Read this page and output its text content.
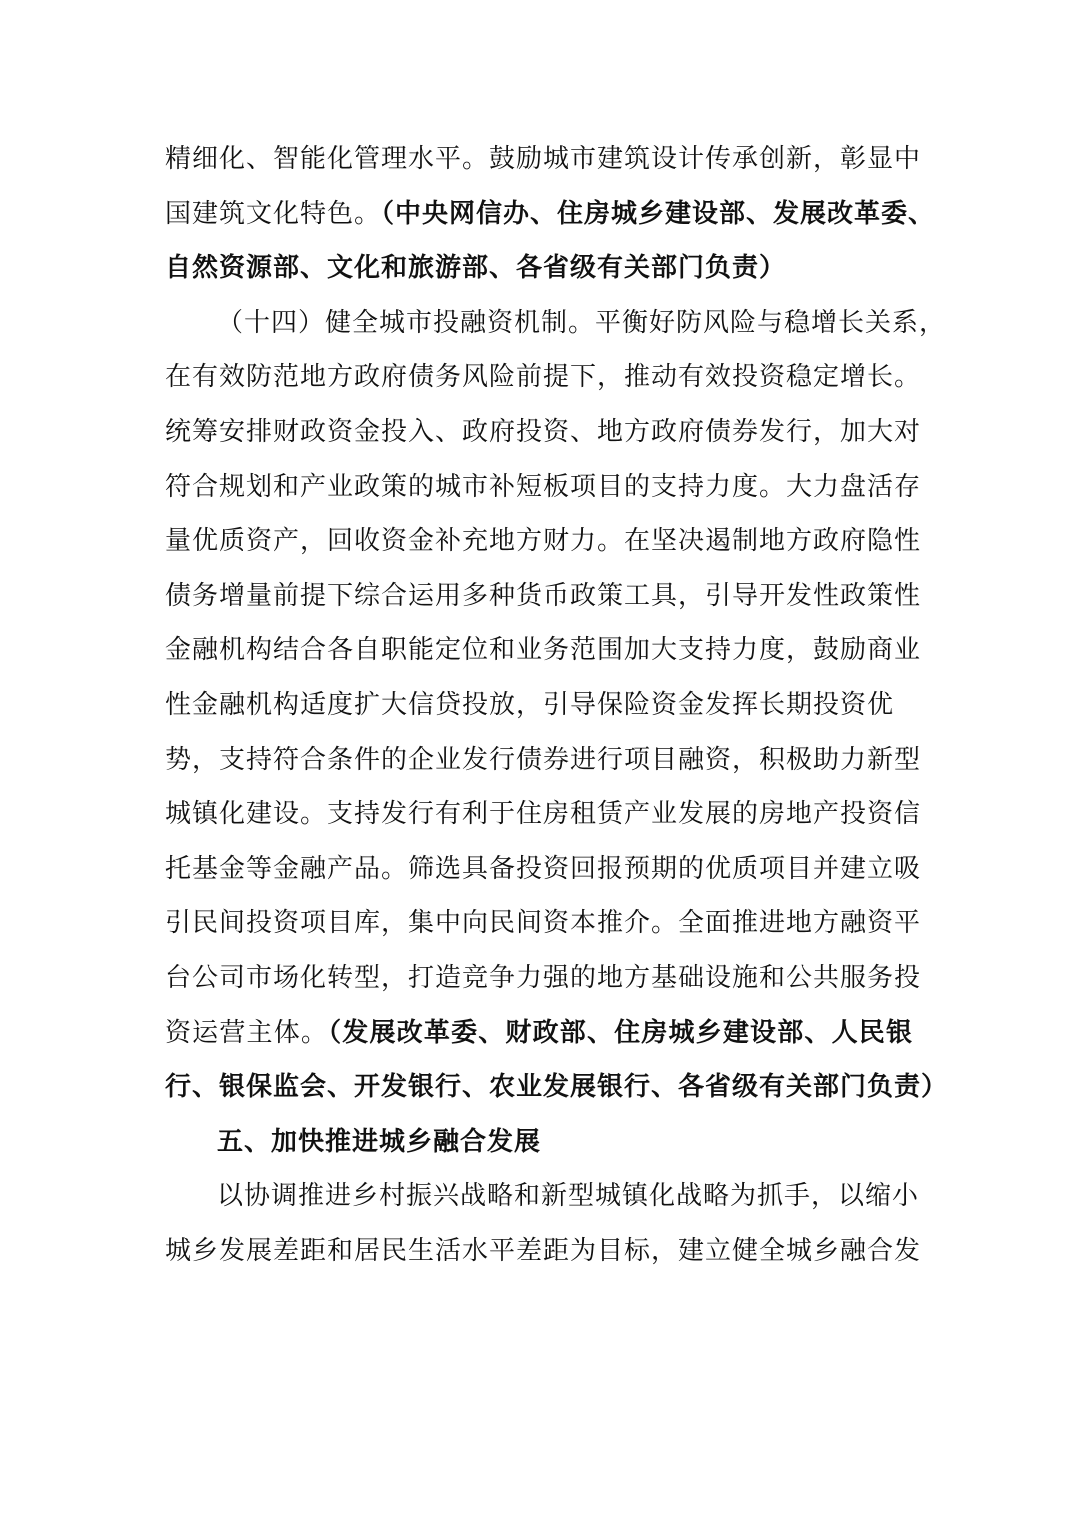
精细化、智能化管理水平。鼓励城市建筑设计传承创新，彰显中
国建筑文化特色。（中央网信办、住房城乡建设部、发展改革委、
自然资源部、文化和旅游部、各省级有关部门负责）
（十四）健全城市投融资机制。平衡好防风险与稳增长关系，
在有效防范地方政府债务风险前提下，推动有效投资稳定增长。
统筹安排财政资金投入、政府投资、地方政府债券发行，加大对
符合规划和产业政策的城市补短板项目的支持力度。大力盘活存
量优质资产，回收资金补充地方财力。在坚决遏制地方政府隐性
债务增量前提下综合运用多种货币政策工具，引导开发性政策性
金融机构结合各自职能定位和业务范围加大支持力度，鼓励商业
性金融机构适度扩大信贷投放，引导保险资金发挥长期投资优
势，支持符合条件的企业发行债券进行项目融资，积极助力新型
城镇化建设。支持发行有利于住房租赁产业发展的房地产投资信
托基金等金融产品。筛选具备投资回报预期的优质项目并建立吸
引民间投资项目库，集中向民间资本推介。全面推进地方融资平
台公司市场化转型，打造竞争力强的地方基础设施和公共服务投
资运营主体。（发展改革委、财政部、住房城乡建设部、人民银
行、银保监会、开发银行、农业发展银行、各省级有关部门负责）
五、加快推进城乡融合发展
以协调推进乡村振兴战略和新型城镇化战略为抓手，以缩小
城乡发展差距和居民生活水平差距为目标，建立健全城乡融合发
